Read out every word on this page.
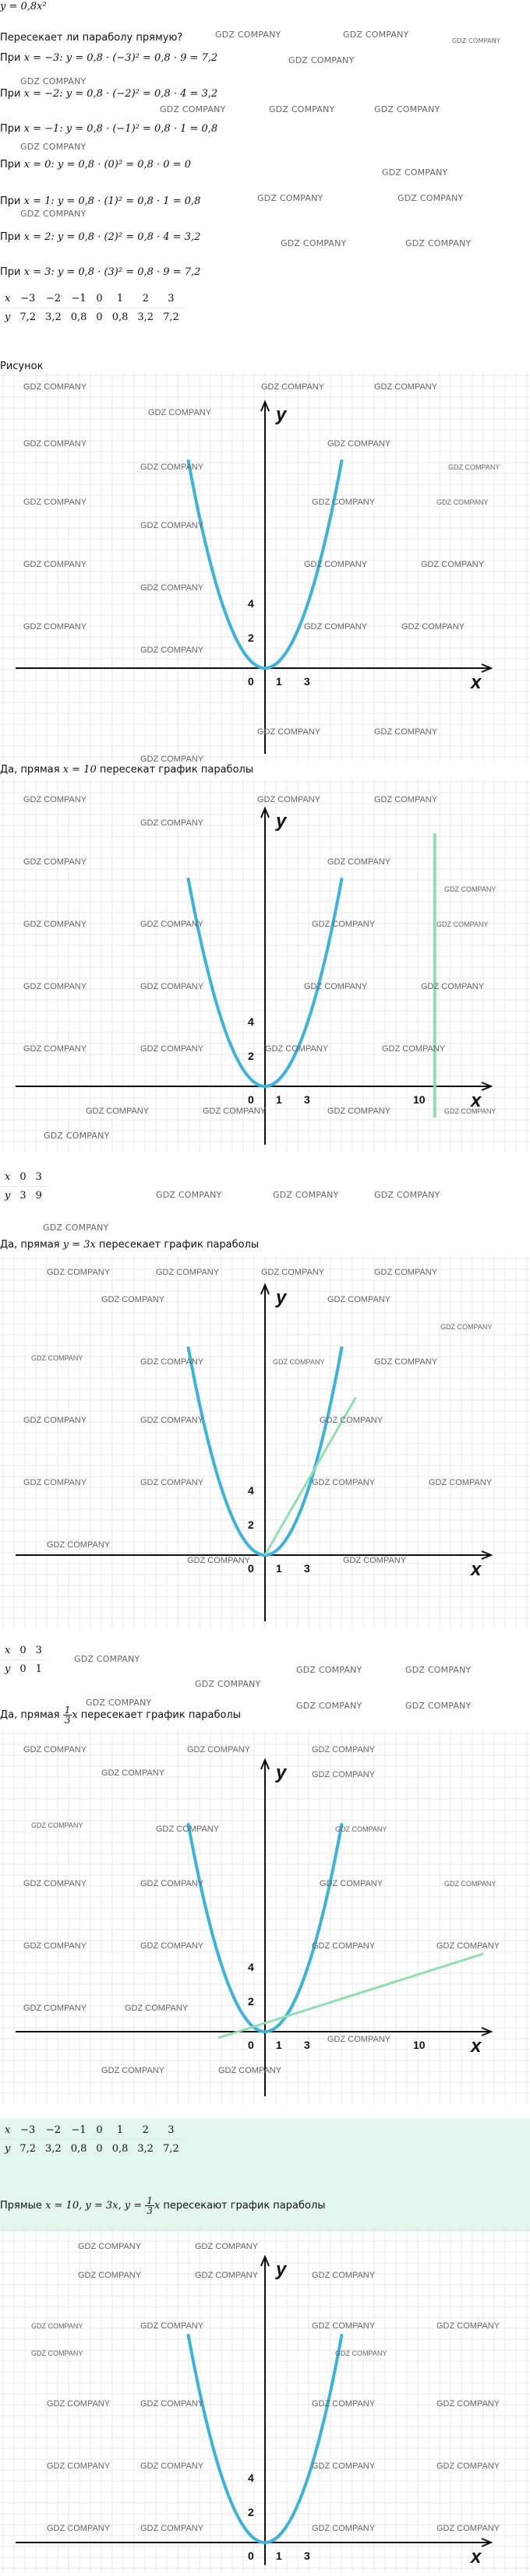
y = 0,8x²
Пересекает ли параболу прямую?
При x = −3: y = 0,8 · (−3)² = 0,8 · 9 = 7,2
При x = −2: y = 0,8 · (−2)² = 0,8 · 4 = 3,2
При x = −1: y = 0,8 · (−1)² = 0,8 · 1 = 0,8
При x = 0: y = 0,8 · (0)² = 0,8 · 0 = 0
При x = 1: y = 0,8 · (1)² = 0,8 · 1 = 0,8
При x = 2: y = 0,8 · (2)² = 0,8 · 4 = 3,2
При x = 3: y = 0,8 · (3)² = 0,8 · 9 = 7,2
x	−3	−2	−1	0	1	2	3
y	7,2	3,2	0,8	0	0,8	3,2	7,2
Рисунок
y
x
0 1 3
2
4
GDZ COMPANY
GDZ COMPANY
GDZ COMPANY	GDZ COMPANY
GDZ COMPANY
GDZ COMPANY
GDZ COMPANY
GDZ COMPANY
GDZ COMPANY
GDZ COMPANY
GDZ COMPANY	GDZ COMPANY
GDZ COMPANY
GDZ COMPANY
GDZ COMPANY	GDZ COMPANY
GDZ COMPANY
GDZ COMPANY
GDZ COMPANY	GDZ COMPANY
GDZ COMPANY	GDZ COMPANY
GDZ COMPANY
Да, прямая x = 10 пересекат график параболы
y
x
0 1 3
2
4
10
GDZ COMPANY
GDZ COMPANY
GDZ COMPANY	GDZ COMPANY
GDZ COMPANY	GDZ COMPANY
GDZ COMPANY
GDZ COMPANY	GDZ COMPANY	GDZ COMPANY	GDZ COMPANY
GDZ COMPANY	GDZ COMPANY	GDZ COMPANY	GDZ COMPANY
GDZ COMPANY	GDZ COMPANY	GDZ COMPANY	GDZ COMPANY
GDZ COMPANY	GDZ COMPANY	GDZ COMPANY	GDZ COMPANY
x	0	3
y	3	9
Да, прямая y = 3x пересекает график параболы
y
x
0 1 3
2
4
GDZ COMPANY	GDZ COMPANY	GDZ COMPANY	GDZ COMPANY
GDZ COMPANY	GDZ COMPANY
GDZ COMPANY
GDZ COMPANY	GDZ COMPANY	GDZ COMPANY	GDZ COMPANY
GDZ COMPANY	GDZ COMPANY	GDZ COMPANY
GDZ COMPANY	GDZ COMPANY	GDZ COMPANY	GDZ COMPANY
GDZ COMPANY
GDZ COMPANY	GDZ COMPANY
x	0	3
y	0	1
Да, прямая $\frac{1}{3}$ x пересекает график параболы
y
x
0 1 3
2
4
10
GDZ COMPANY
GDZ COMPANY
GDZ COMPANY	GDZ COMPANY
GDZ COMPANY
GDZ COMPANY	GDZ COMPANY	GDZ COMPANY
GDZ COMPANY	GDZ COMPANY	GDZ COMPANY	GDZ COMPANY
GDZ COMPANY	GDZ COMPANY	GDZ COMPANY	GDZ COMPANY
GDZ COMPANY	GDZ COMPANY
GDZ COMPANY
GDZ COMPANY	GDZ COMPANY
x	−3	−2	−1	0	1	2	3
y	7,2	3,2	0,8	0	0,8	3,2	7,2
Прямые x = 10, y = 3x, $y = \frac{1}{3}$ x пересекают график параболы
y
x
0 1 3
2
4
GDZ COMPANY	GDZ COMPANY
GDZ COMPANY	GDZ COMPANY	GDZ COMPANY
GDZ COMPANY	GDZ COMPANY	GDZ COMPANY	GDZ COMPANY
GDZ COMPANY	GDZ COMPANY
GDZ COMPANY	GDZ COMPANY	GDZ COMPANY	GDZ COMPANY
GDZ COMPANY	GDZ COMPANY	GDZ COMPANY	GDZ COMPANY
GDZ COMPANY	GDZ COMPANY	GDZ COMPANY	GDZ COMPANY
GDZ COMPANY	GDZ COMPANY
GDZ COMPANY
GDZ COMPANY
GDZ COMPANY
GDZ COMPANY	GDZ COMPANY	GDZ COMPANY
GDZ COMPANY
GDZ COMPANY
GDZ COMPANY
GDZ COMPANY
GDZ COMPANY	GDZ COMPANY
GDZ COMPANY
GDZ COMPANY
GDZ COMPANY	GDZ COMPANY	GDZ COMPANY
GDZ COMPANY
GDZ COMPANY
GDZ COMPANY
GDZ COMPANY
GDZ COMPANY	GDZ COMPANY
GDZ COMPANY	GDZ COMPANY
